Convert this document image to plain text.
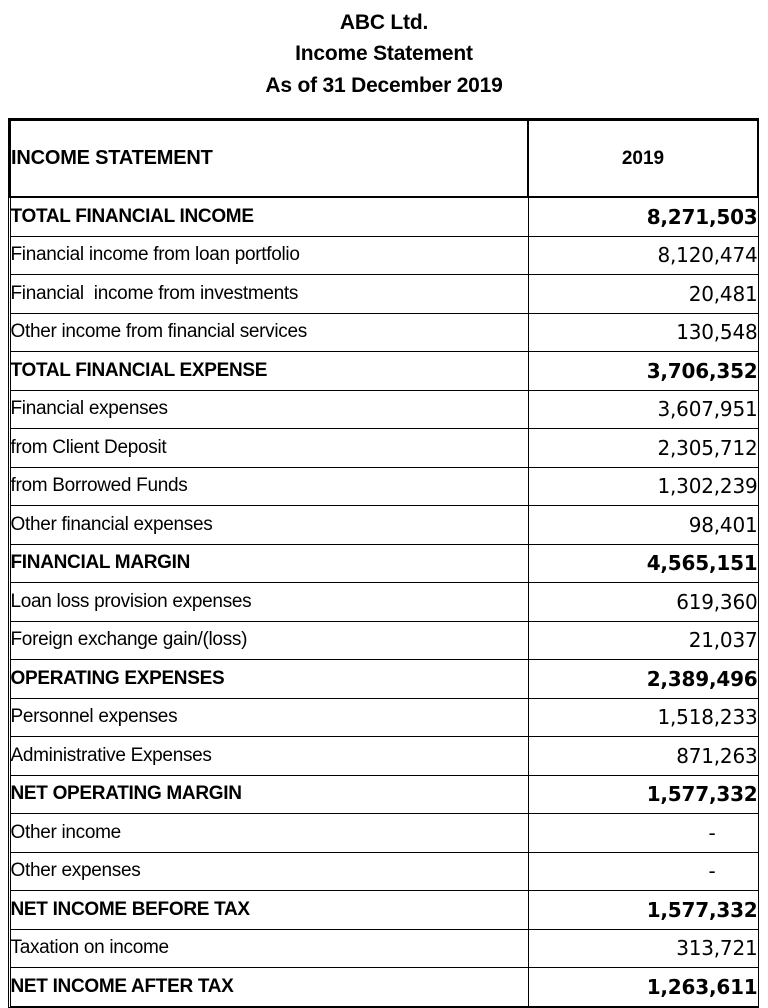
ABC Ltd.
Income Statement
As of 31 December 2019
INCOME STATEMENT	2019
TOTAL FINANCIAL INCOME	8,271,503
Financial income from loan portfolio	8,120,474
Financial  income from investments	20,481
Other income from financial services	130,548
TOTAL FINANCIAL EXPENSE	3,706,352
Financial expenses	3,607,951
from Client Deposit	2,305,712
from Borrowed Funds	1,302,239
Other financial expenses	98,401
FINANCIAL MARGIN	4,565,151
Loan loss provision expenses	619,360
Foreign exchange gain/(loss)	21,037
OPERATING EXPENSES	2,389,496
Personnel expenses	1,518,233
Administrative Expenses	871,263
NET OPERATING MARGIN	1,577,332
Other income	-
Other expenses	-
NET INCOME BEFORE TAX	1,577,332
Taxation on income	313,721
NET INCOME AFTER TAX	1,263,611
